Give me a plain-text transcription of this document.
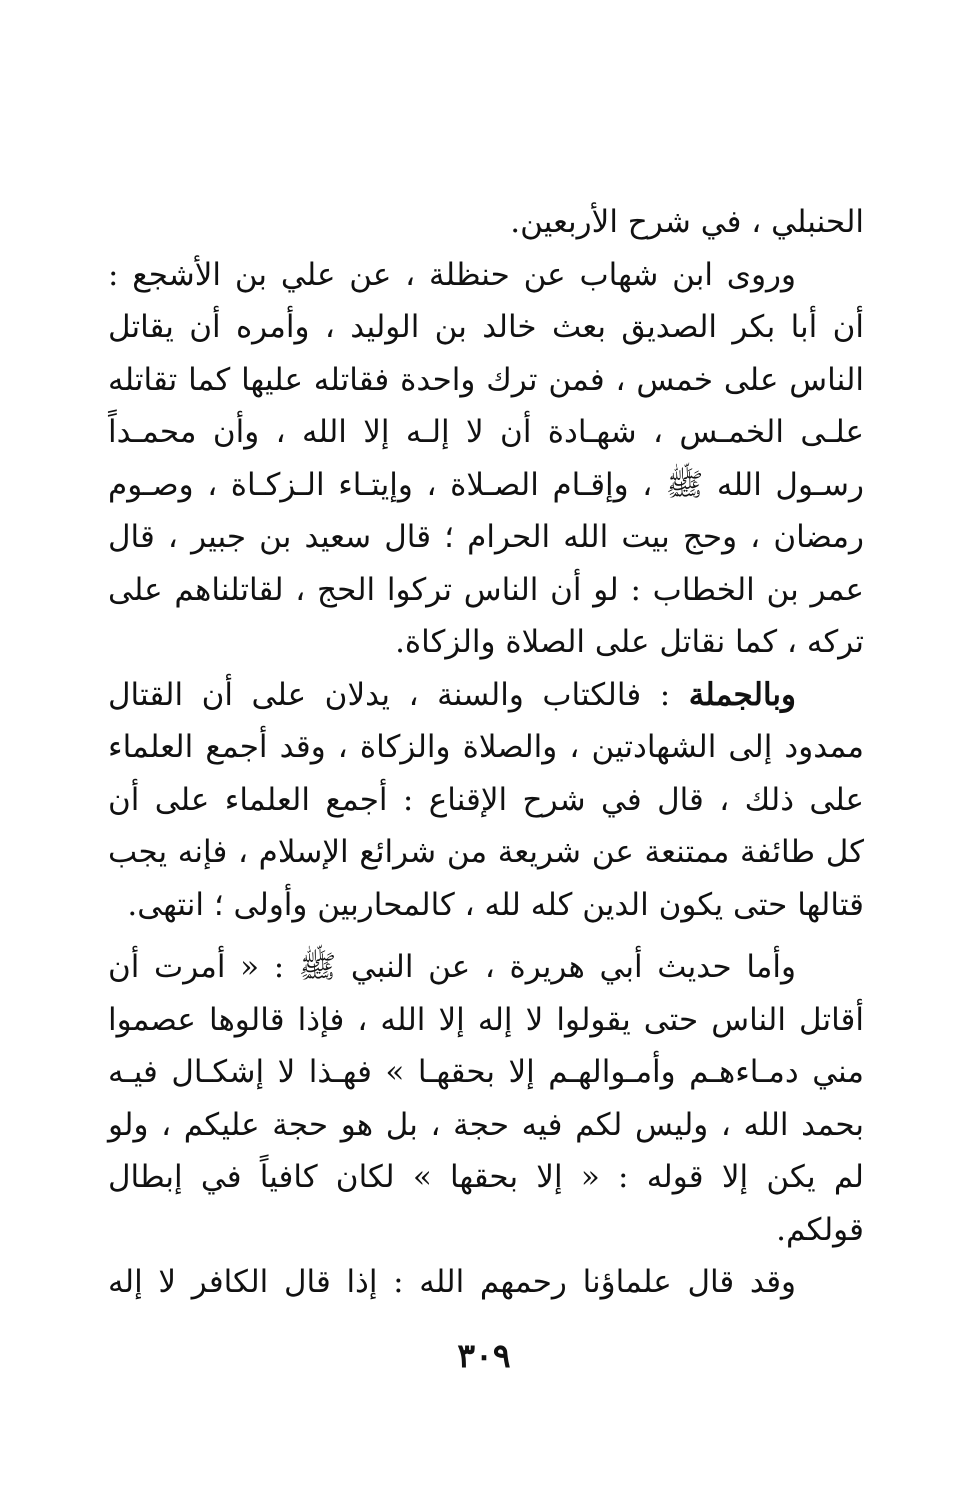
الحنبلي ، في شرح الأربعين.
وروى ابن شهاب عن حنظلة ، عن علي بن الأشجع :
أن أبا بكر الصديق بعث خالد بن الوليد ، وأمره أن يقاتل
الناس على خمس ، فمن ترك واحدة فقاتله عليها كما تقاتله
علـى الخمـس ، شهـادة أن لا إلـه إلا الله ، وأن محمـداً
رسـول الله ﷺ ، وإقـام الصـلاة ، وإيتـاء الـزكـاة ، وصـوم
رمضان ، وحج بيت الله الحرام ؛ قال سعيد بن جبير ، قال
عمر بن الخطاب : لو أن الناس تركوا الحج ، لقاتلناهم على
تركه ، كما نقاتل على الصلاة والزكاة.
وبالجملة : فالكتاب والسنة ، يدلان على أن القتال
ممدود إلى الشهادتين ، والصلاة والزكاة ، وقد أجمع العلماء
على ذلك ، قال في شرح الإقناع : أجمع العلماء على أن
كل طائفة ممتنعة عن شريعة من شرائع الإسلام ، فإنه يجب
قتالها حتى يكون الدين كله لله ، كالمحاربين وأولى ؛ انتهى.
وأما حديث أبي هريرة ، عن النبي ﷺ : « أمرت أن
أقاتل الناس حتى يقولوا لا إله إلا الله ، فإذا قالوها عصموا
مني دمـاءهـم وأمـوالهـم إلا بحقهـا » فهـذا لا إشكـال فيـه
بحمد الله ، وليس لكم فيه حجة ، بل هو حجة عليكم ، ولو
لم يكن إلا قوله : « إلا بحقها » لكان كافياً في إبطال
قولكم.
وقد قال علماؤنا رحمهم الله : إذا قال الكافر لا إله
٣٠٩
